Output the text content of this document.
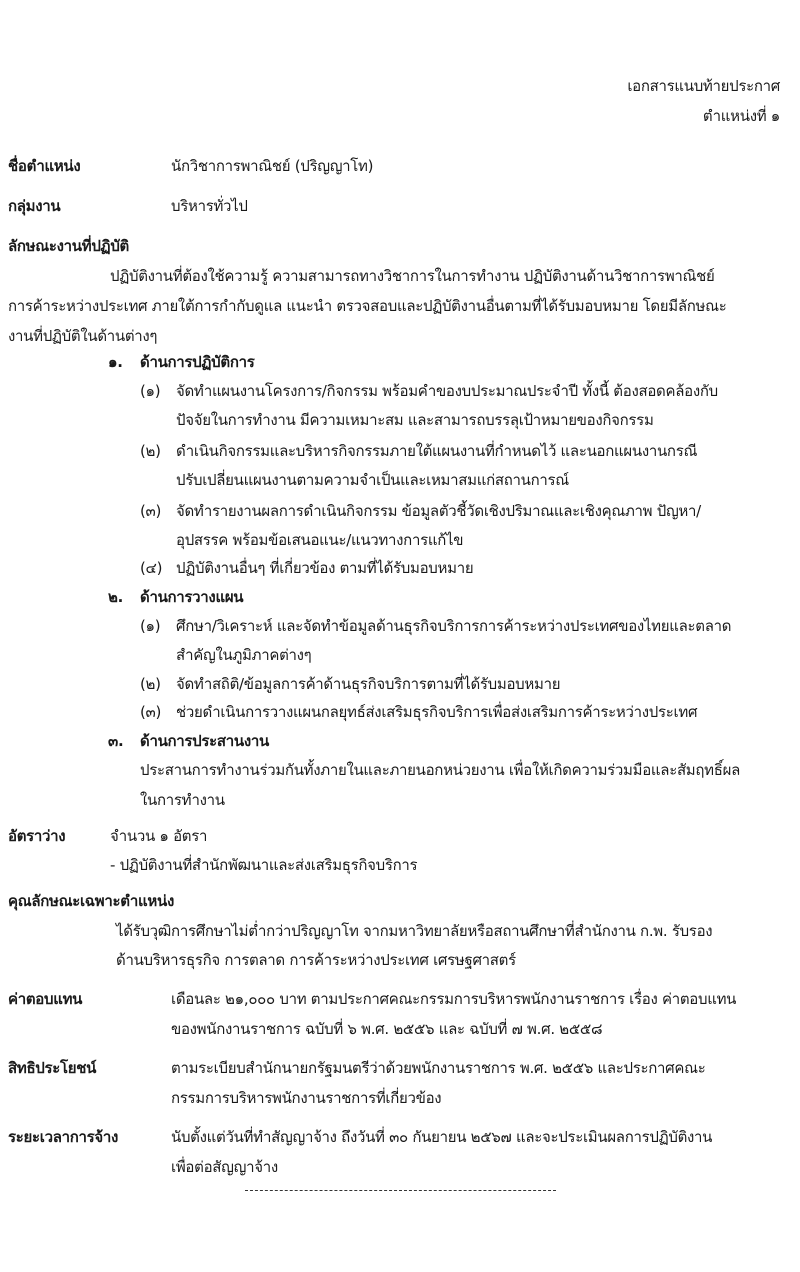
เอกสารแนบท้ายประกาศ
ตำแหน่งที่ ๑
ชื่อตำแหน่ง	นักวิชาการพาณิชย์ (ปริญญาโท)
กลุ่มงาน	บริหารทั่วไป
ลักษณะงานที่ปฏิบัติ
ปฏิบัติงานที่ต้องใช้ความรู้ ความสามารถทางวิชาการในการทำงาน ปฏิบัติงานด้านวิชาการพาณิชย์
การค้าระหว่างประเทศ ภายใต้การกำกับดูแล แนะนำ ตรวจสอบและปฏิบัติงานอื่นตามที่ได้รับมอบหมาย โดยมีลักษณะ
งานที่ปฏิบัติในด้านต่างๆ
๑. ด้านการปฏิบัติการ
(๑) จัดทำแผนงานโครงการ/กิจกรรม พร้อมคำของบประมาณประจำปี ทั้งนี้ ต้องสอดคล้องกับ
ปัจจัยในการทำงาน มีความเหมาะสม และสามารถบรรลุเป้าหมายของกิจกรรม
(๒) ดำเนินกิจกรรมและบริหารกิจกรรมภายใต้แผนงานที่กำหนดไว้ และนอกแผนงานกรณี
ปรับเปลี่ยนแผนงานตามความจำเป็นและเหมาสมแก่สถานการณ์
(๓) จัดทำรายงานผลการดำเนินกิจกรรม ข้อมูลตัวชี้วัดเชิงปริมาณและเชิงคุณภาพ ปัญหา/
อุปสรรค พร้อมข้อเสนอแนะ/แนวทางการแก้ไข
(๔) ปฏิบัติงานอื่นๆ ที่เกี่ยวข้อง ตามที่ได้รับมอบหมาย
๒. ด้านการวางแผน
(๑) ศึกษา/วิเคราะห์ และจัดทำข้อมูลด้านธุรกิจบริการการค้าระหว่างประเทศของไทยและตลาด
สำคัญในภูมิภาคต่างๆ
(๒) จัดทำสถิติ/ข้อมูลการค้าด้านธุรกิจบริการตามที่ได้รับมอบหมาย
(๓) ช่วยดำเนินการวางแผนกลยุทธ์ส่งเสริมธุรกิจบริการเพื่อส่งเสริมการค้าระหว่างประเทศ
๓. ด้านการประสานงาน
ประสานการทำงานร่วมกันทั้งภายในและภายนอกหน่วยงาน เพื่อให้เกิดความร่วมมือและสัมฤทธิ์ผล
ในการทำงาน
อัตราว่าง	จำนวน ๑ อัตรา
- ปฏิบัติงานที่สำนักพัฒนาและส่งเสริมธุรกิจบริการ
คุณลักษณะเฉพาะตำแหน่ง
ได้รับวุฒิการศึกษาไม่ต่ำกว่าปริญญาโท จากมหาวิทยาลัยหรือสถานศึกษาที่สำนักงาน ก.พ. รับรอง
ด้านบริหารธุรกิจ การตลาด การค้าระหว่างประเทศ เศรษฐศาสตร์
ค่าตอบแทน	เดือนละ ๒๑,๐๐๐ บาท ตามประกาศคณะกรรมการบริหารพนักงานราชการ เรื่อง ค่าตอบแทน
ของพนักงานราชการ ฉบับที่ ๖ พ.ศ. ๒๕๕๖ และ ฉบับที่ ๗ พ.ศ. ๒๕๕๘
สิทธิประโยชน์	ตามระเบียบสำนักนายกรัฐมนตรีว่าด้วยพนักงานราชการ พ.ศ. ๒๕๕๖ และประกาศคณะ
กรรมการบริหารพนักงานราชการที่เกี่ยวข้อง
ระยะเวลาการจ้าง	นับตั้งแต่วันที่ทำสัญญาจ้าง ถึงวันที่ ๓๐ กันยายน ๒๕๖๗ และจะประเมินผลการปฏิบัติงาน
เพื่อต่อสัญญาจ้าง
